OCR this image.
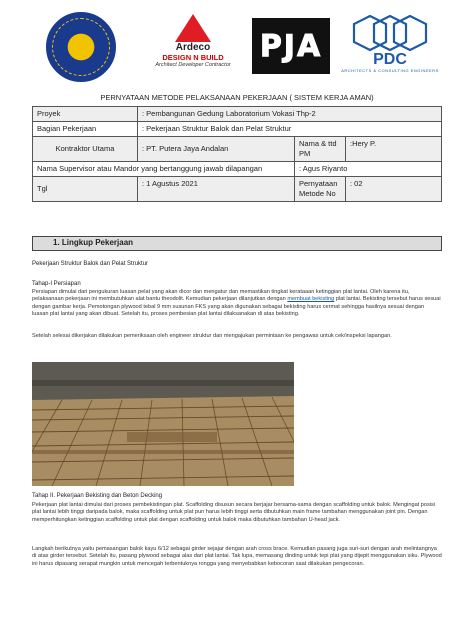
Ardeco
DESIGN N BUILD
Architect Developer Contractor
PJA	PDC
ARCHITECTS & CONSULTING ENGINEERS
PERNYATAAN METODE PELAKSANAAN PEKERJAAN ( SISTEM KERJA AMAN)
Proyek	: Pembangunan Gedung Laboratorium Vokasi Thp-2		
Bagian Pekerjaan	: Pekerjaan Struktur Balok dan Pelat Struktur		
Kontraktor Utama	: PT. Putera Jaya Andalan	Nama & ttd PM	:Hery P.
Nama Supervisor atau Mandor yang bertanggung jawab dilapangan		: Agus Riyanto	
Tgl	: 1 Agustus 2021	Pernyataan Metode No	: 02
1. Lingkup Pekerjaan
Pekerjaan Struktur Balok dan Pelat Struktur
Tahap-I Persiapan
Persiapan dimulai dari pengukuran luasan pelat yang akan dicor dan mengatur dan memastikan tingkat kerataaan ketinggian plat lantai. Oleh karena itu, pelaksanaan pekerjaan ini membutuhkan alat bantu theodolit. Kemudian pekerjaan dilanjutkan dengan membuat bekisting plat lantai. Bekisting tersebut harus sesuai dengan gambar kerja. Pemotongan plywood tebal 9 mm susunan FKS yang akan digunakan sebagai bekisting harus cermat sehingga hasilnya sesuai dengan luasan plat lantai yang akan dibuat. Setelah itu, proses pembesian plat lantai dilaksanakan di atas bekisting.
Setelah selesai dikerjakan dilakukan pemeriksaan oleh engineer struktur dan mengajukan permintaan ke pengawas untuk cek/inspeksi lapangan.
Tahap II. Pekerjaan Bekisting dan Beton Decking
Pekerjaan plat lantai dimulai dari proses pembekistingan plat. Scaffolding disusun secara berjajar bersama-sama dengan scaffolding untuk balok. Mengingat posisi plat lantai lebih tinggi daripada balok, maka scaffolding untuk plat pun harus lebih tinggi serta dibutuhkan main frame tambahan menggunakan joint pin. Dengan memperhitungkan ketinggian scaffolding untuk plat dengan scaffolding untuk balok maka dibutuhkan tambahan U-head jack.
Langkah berikutnya yaitu pemasangan balok kayu 6/12 sebagai girder sejajar dengan arah cross brace. Kemudian pasang juga suri-suri dengan arah melintangnya di atas girder tersebut. Setelah itu, pasang plywood sebagai alas dari plat lantai. Tak lupa, memasang dinding untuk tepi plat yang dijepit menggunakan siku. Plywood ini harus dipasang serapat mungkin untuk mencegah terbentuknya rongga yang menyebabkan kebocoran saat dilakukan pengecoran.
